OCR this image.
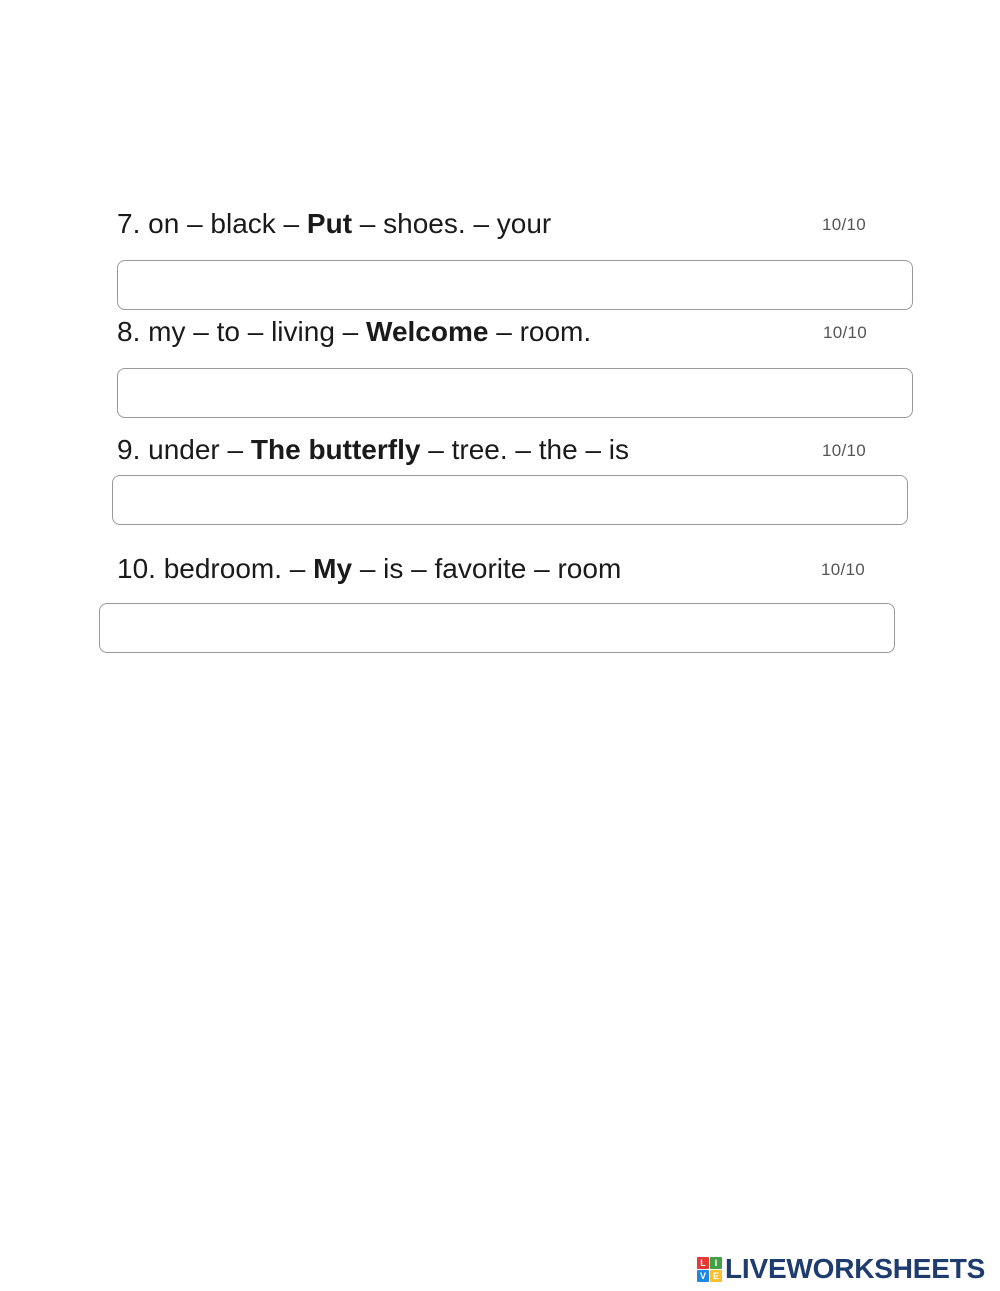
7. on – black – Put – shoes. – your	10/10
8. my – to – living – Welcome – room.	10/10
9. under – The butterfly – tree. – the – is	10/10
10. bedroom. – My – is – favorite – room	10/10
L I
V E LIVEWORKSHEETS
